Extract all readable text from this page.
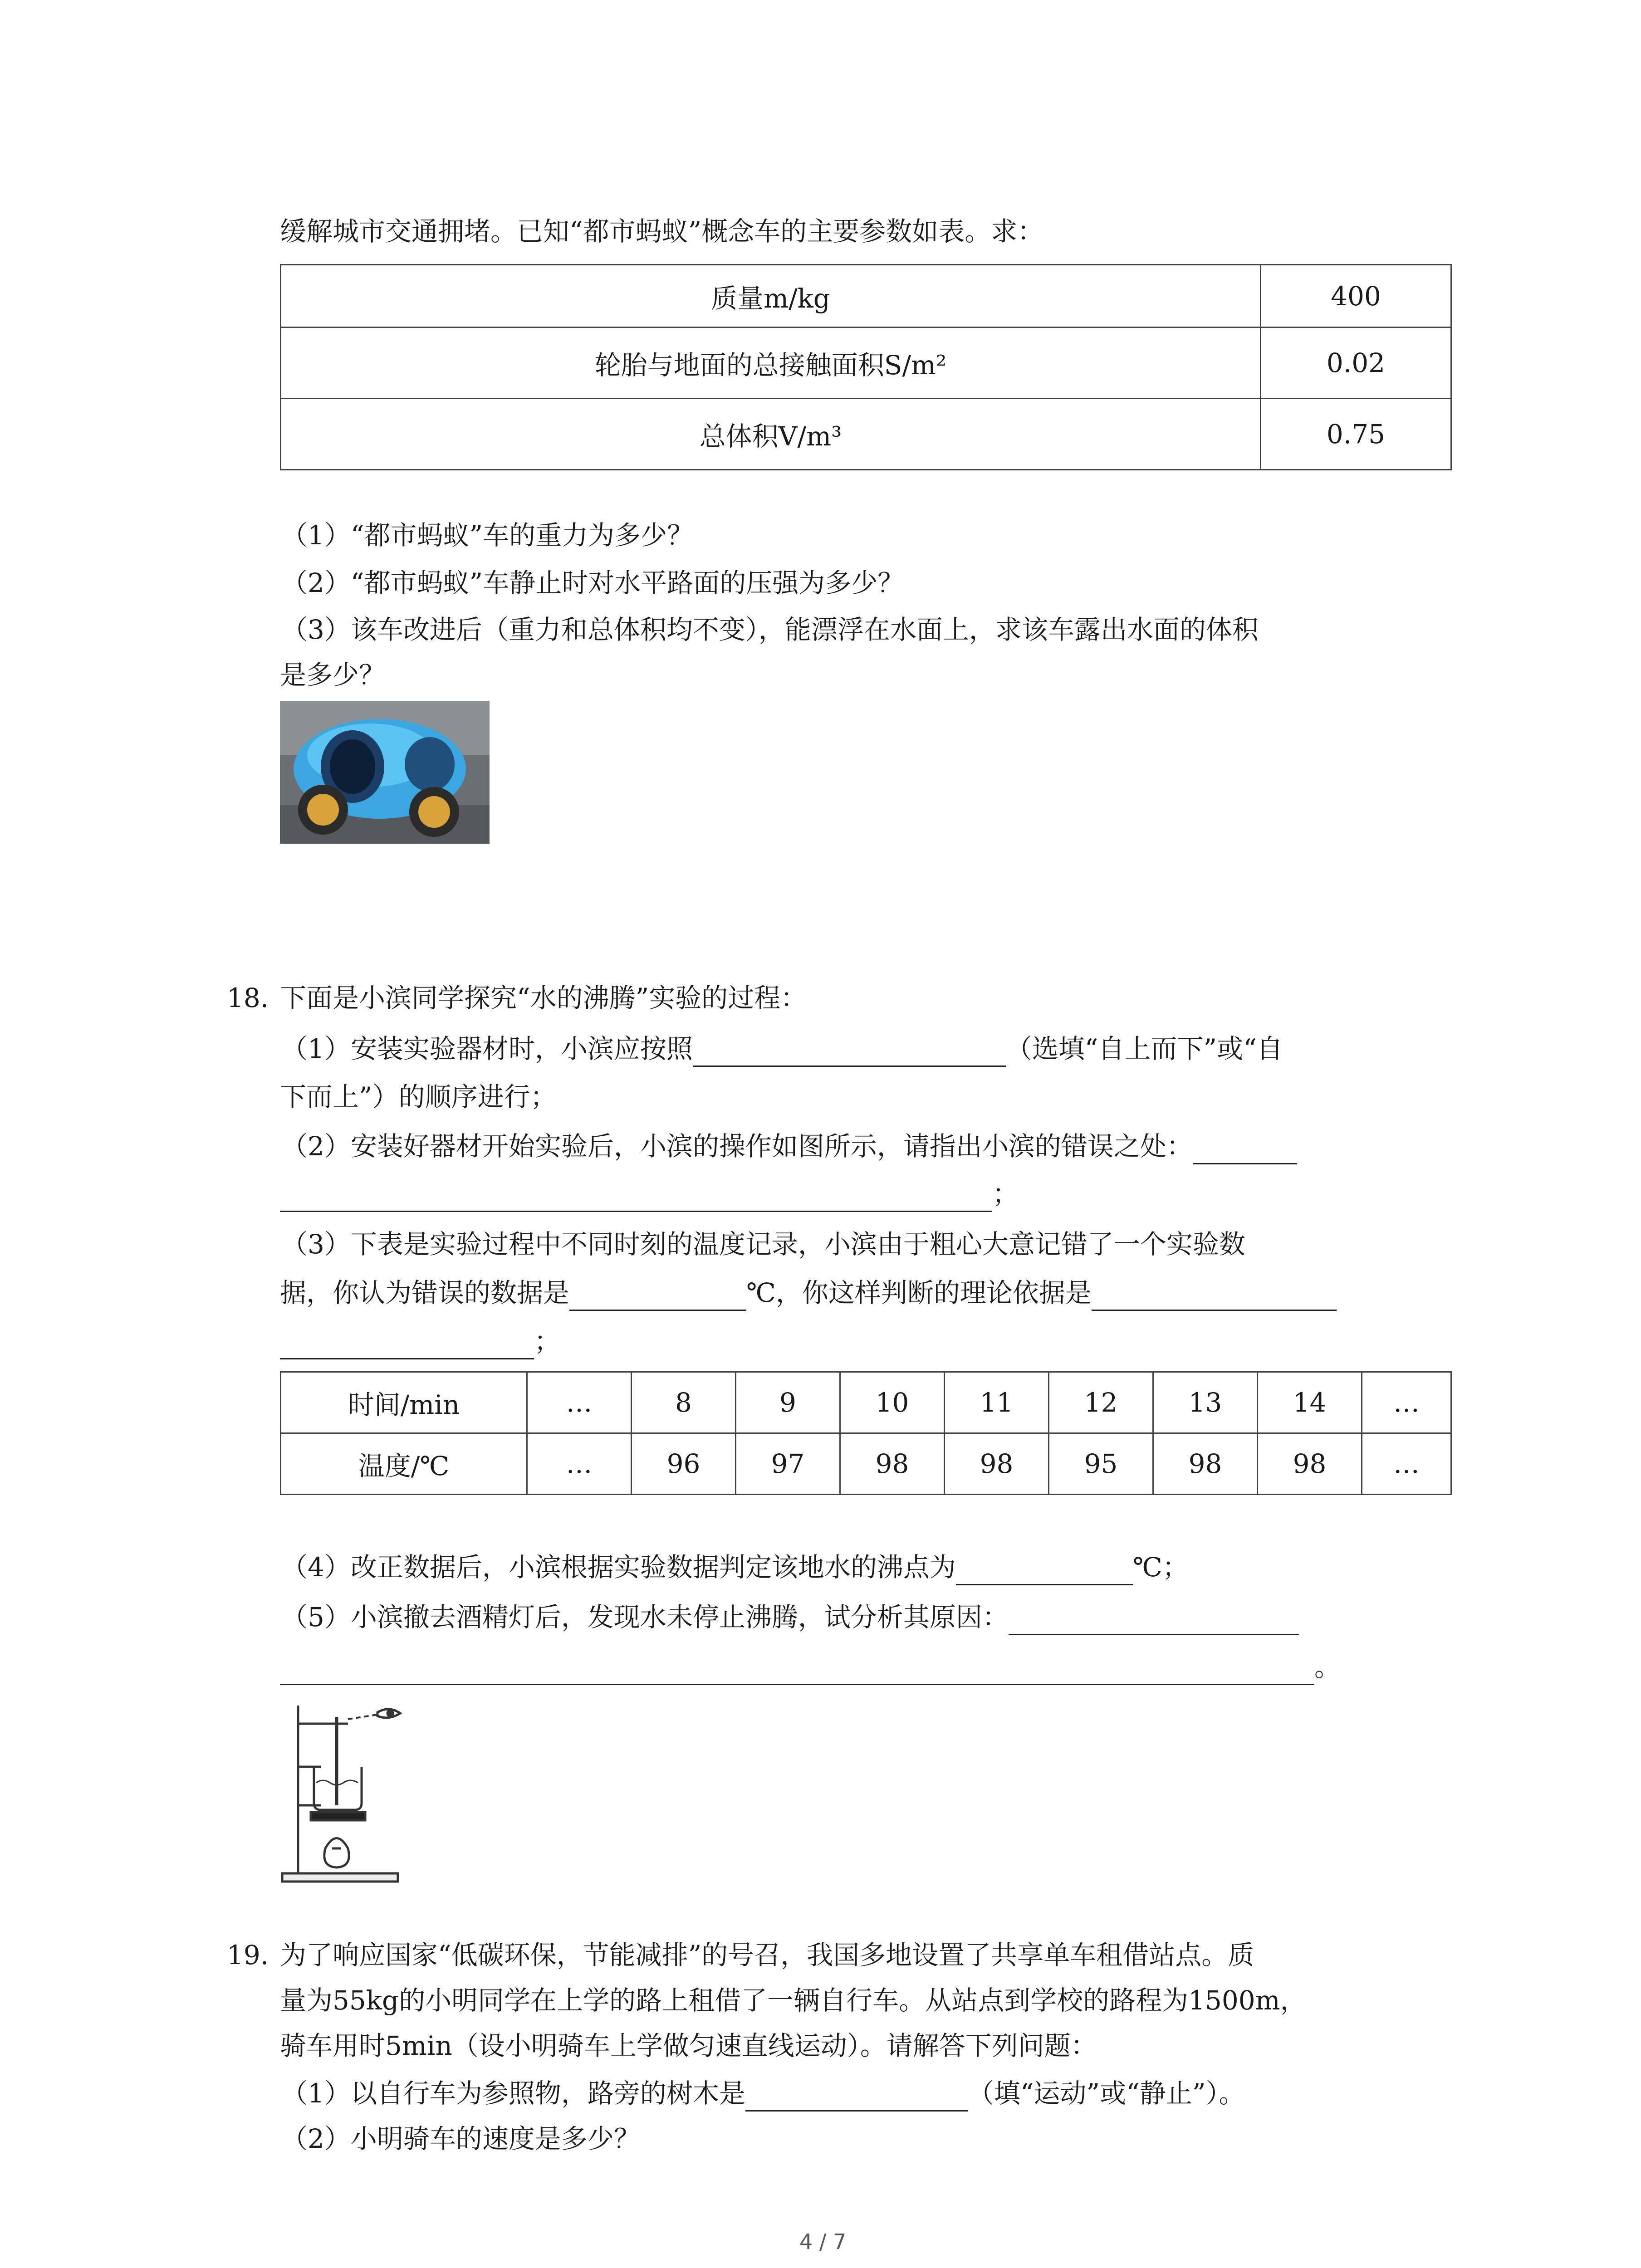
缓解城市交通拥堵。已知“都市蚂蚁”概念车的主要参数如表。求：
质量m/kg	400
轮胎与地面的总接触面积S/m²	0.02
总体积V/m³	0.75
（1）“都市蚂蚁”车的重力为多少？
（2）“都市蚂蚁”车静止时对水平路面的压强为多少？
（3）该车改进后（重力和总体积均不变），能漂浮在水面上，求该车露出水面的体积
是多少？
18. 下面是小滨同学探究“水的沸腾”实验的过程：
（1）安装实验器材时，小滨应按照	（选填“自上而下”或“自
下而上”）的顺序进行；
（2）安装好器材开始实验后，小滨的操作如图所示，请指出小滨的错误之处：
；
（3）下表是实验过程中不同时刻的温度记录，小滨由于粗心大意记错了一个实验数
据，你认为错误的数据是	℃，你这样判断的理论依据是
；
时间/min	…	8	9	10	11	12	13	14	…
温度/℃	…	96	97	98	98	95	98	98	…
（4）改正数据后，小滨根据实验数据判定该地水的沸点为	℃；
（5）小滨撤去酒精灯后，发现水未停止沸腾，试分析其原因：
。
19. 为了响应国家“低碳环保，节能减排”的号召，我国多地设置了共享单车租借站点。质
量为55kg的小明同学在上学的路上租借了一辆自行车。从站点到学校的路程为1500m，
骑车用时5min（设小明骑车上学做匀速直线运动）。请解答下列问题：
（1）以自行车为参照物，路旁的树木是	（填“运动”或“静止”）。
（2）小明骑车的速度是多少？
4 / 7
